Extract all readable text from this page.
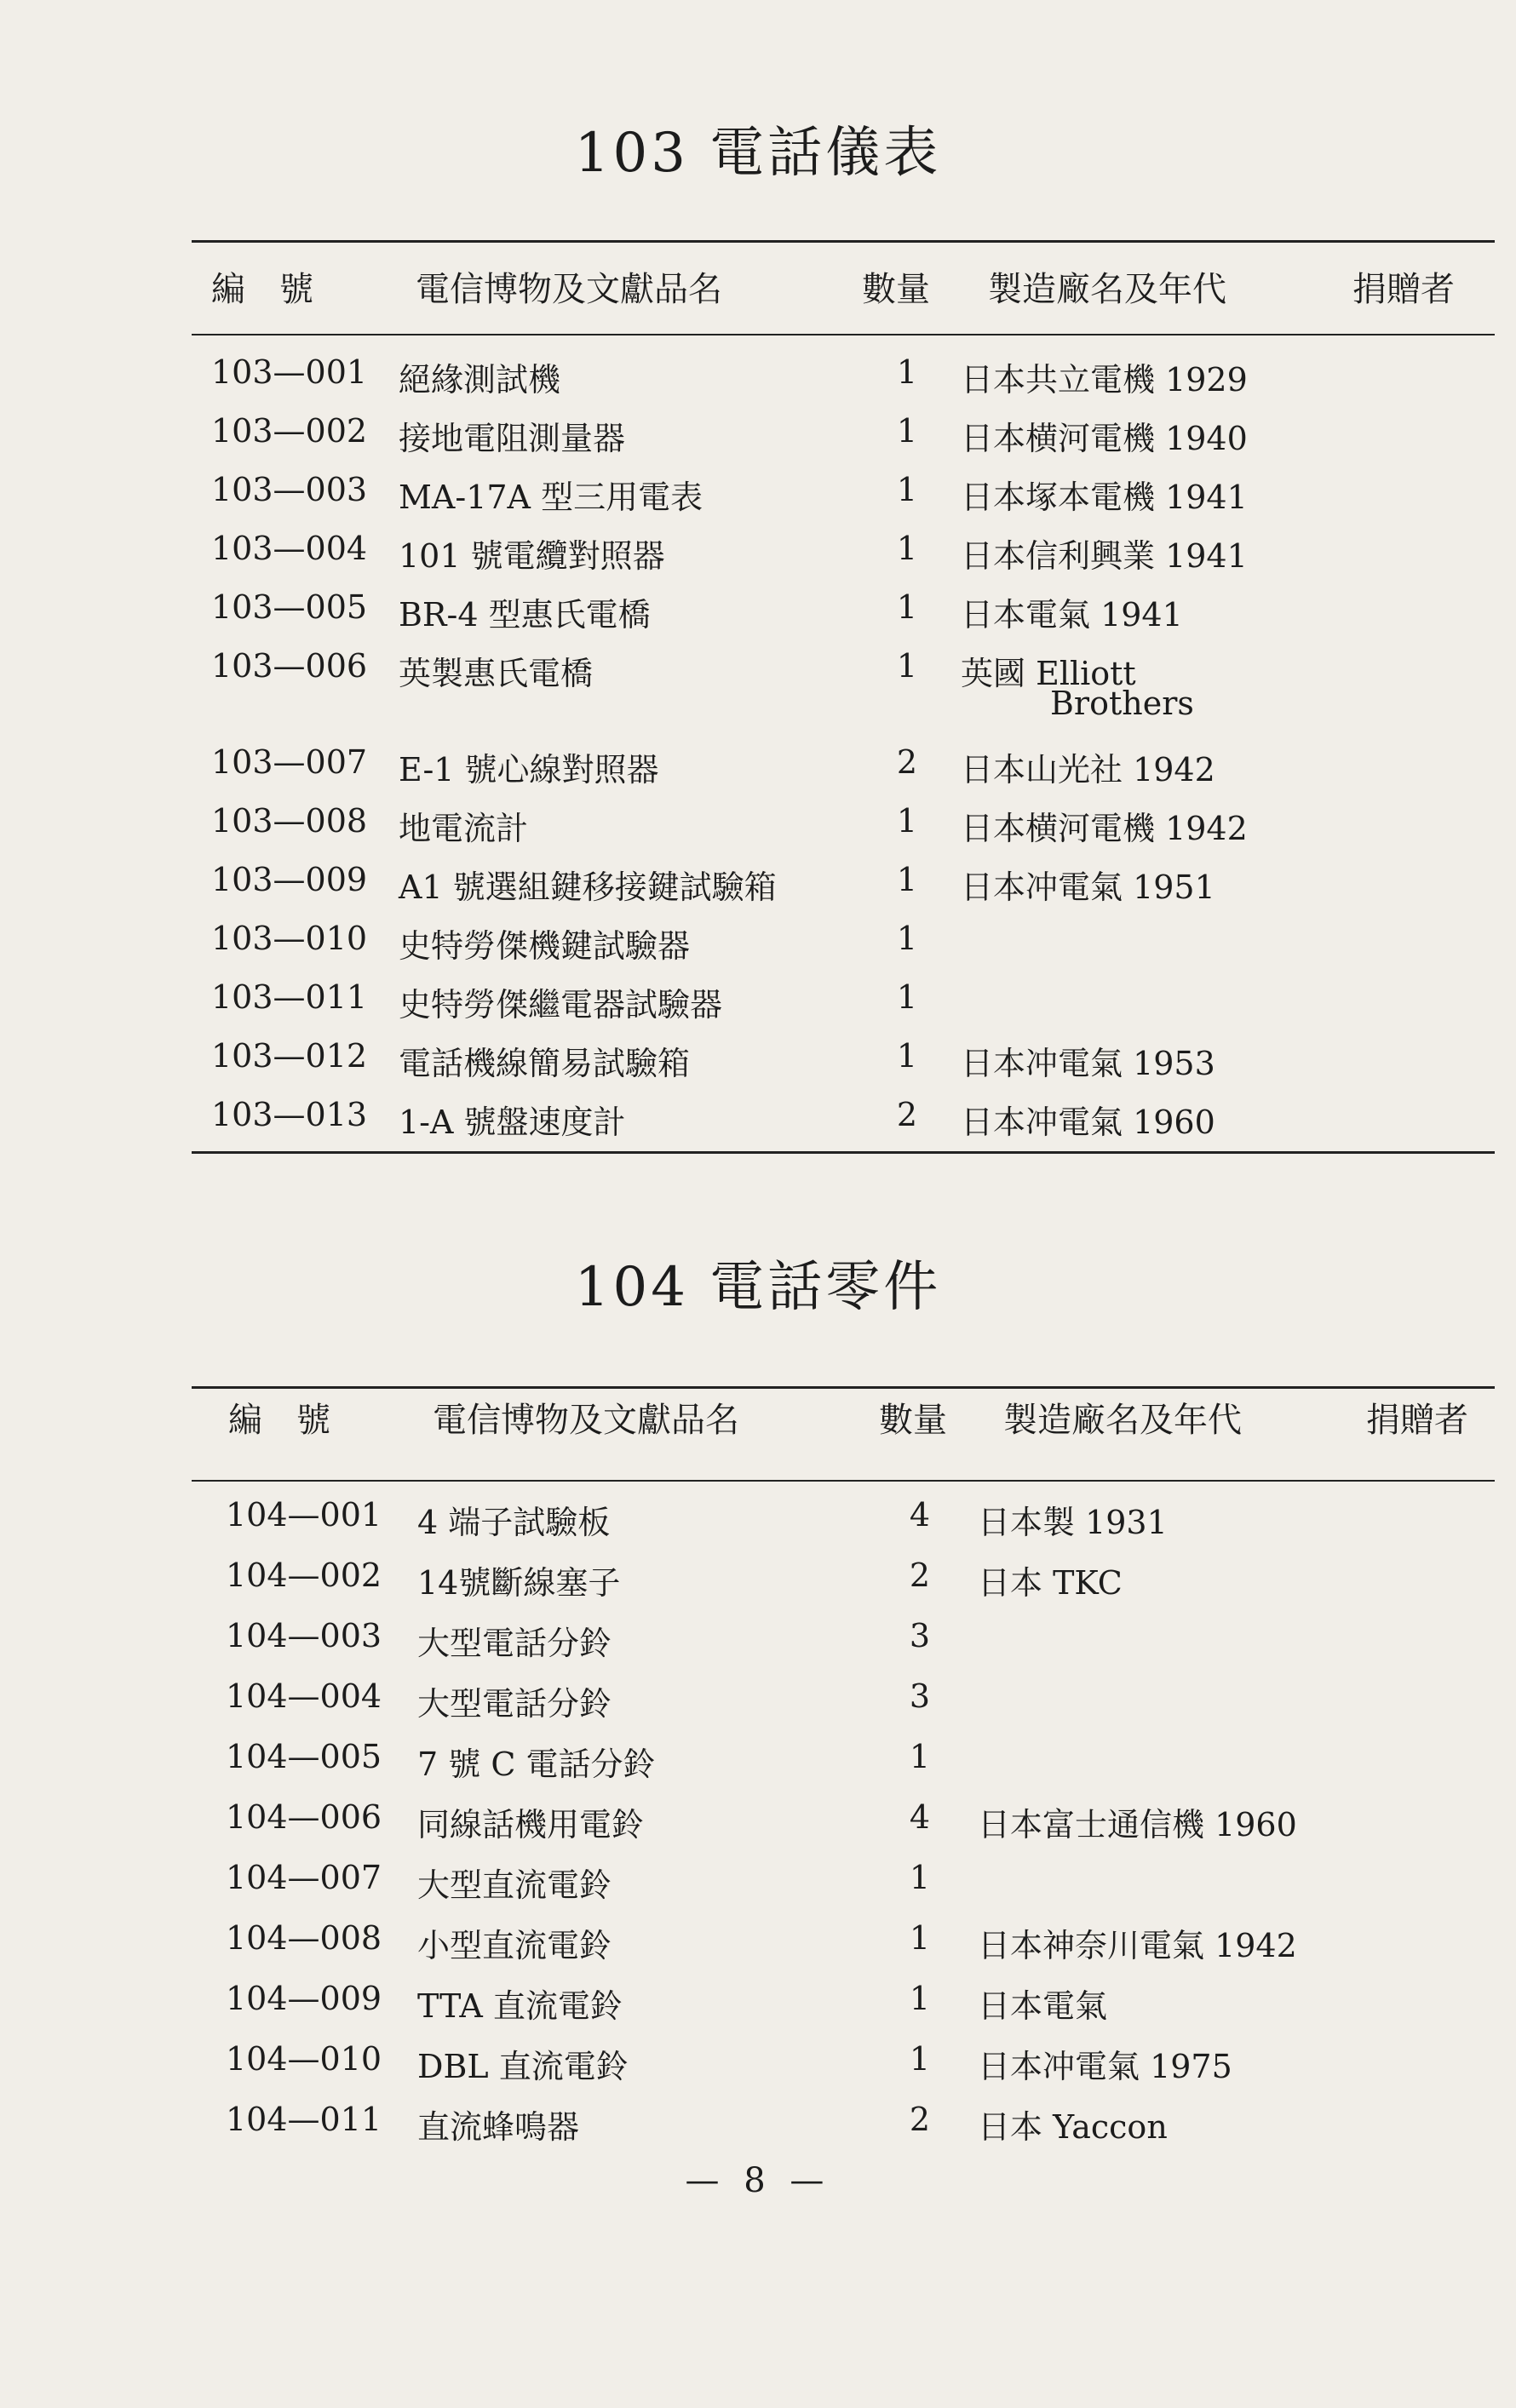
103 電話儀表
編　號	電信博物及文獻品名	數量 製造廠名及年代	捐贈者
103—001 絕緣測試機	1	日本共立電機 1929
103—002 接地電阻測量器	1	日本横河電機 1940
103—003 MA-17A 型三用電表	1	日本塚本電機 1941
103—004 101 號電纜對照器	1	日本信利興業 1941
103—005 BR-4 型惠氏電橋	1	日本電氣 1941
103—006 英製惠氏電橋	1	英國 Elliott
Brothers
103—007 E-1 號心線對照器	2	日本山光社 1942
103—008 地電流計	1	日本横河電機 1942
103—009 A1 號選組鍵移接鍵試驗箱	1	日本冲電氣 1951
103—010 史特勞傑機鍵試驗器	1
103—011 史特勞傑繼電器試驗器	1
103—012 電話機線簡易試驗箱	1	日本冲電氣 1953
103—013 1-A 號盤速度計	2	日本冲電氣 1960
104 電話零件
編　號	電信博物及文獻品名	數量 製造廠名及年代	捐贈者
104—001 4 端子試驗板	4	日本製 1931
104—002 14號斷線塞子	2	日本 TKC
104—003 大型電話分鈴	3
104—004 大型電話分鈴	3
104—005 7 號 C 電話分鈴	1
104—006 同線話機用電鈴	4	日本富士通信機 1960
104—007 大型直流電鈴	1
104—008 小型直流電鈴	1	日本神奈川電氣 1942
104—009 TTA 直流電鈴	1	日本電氣
104—010 DBL 直流電鈴	1	日本冲電氣 1975
104—011 直流蜂鳴器	2	日本 Yaccon
— 8 —
